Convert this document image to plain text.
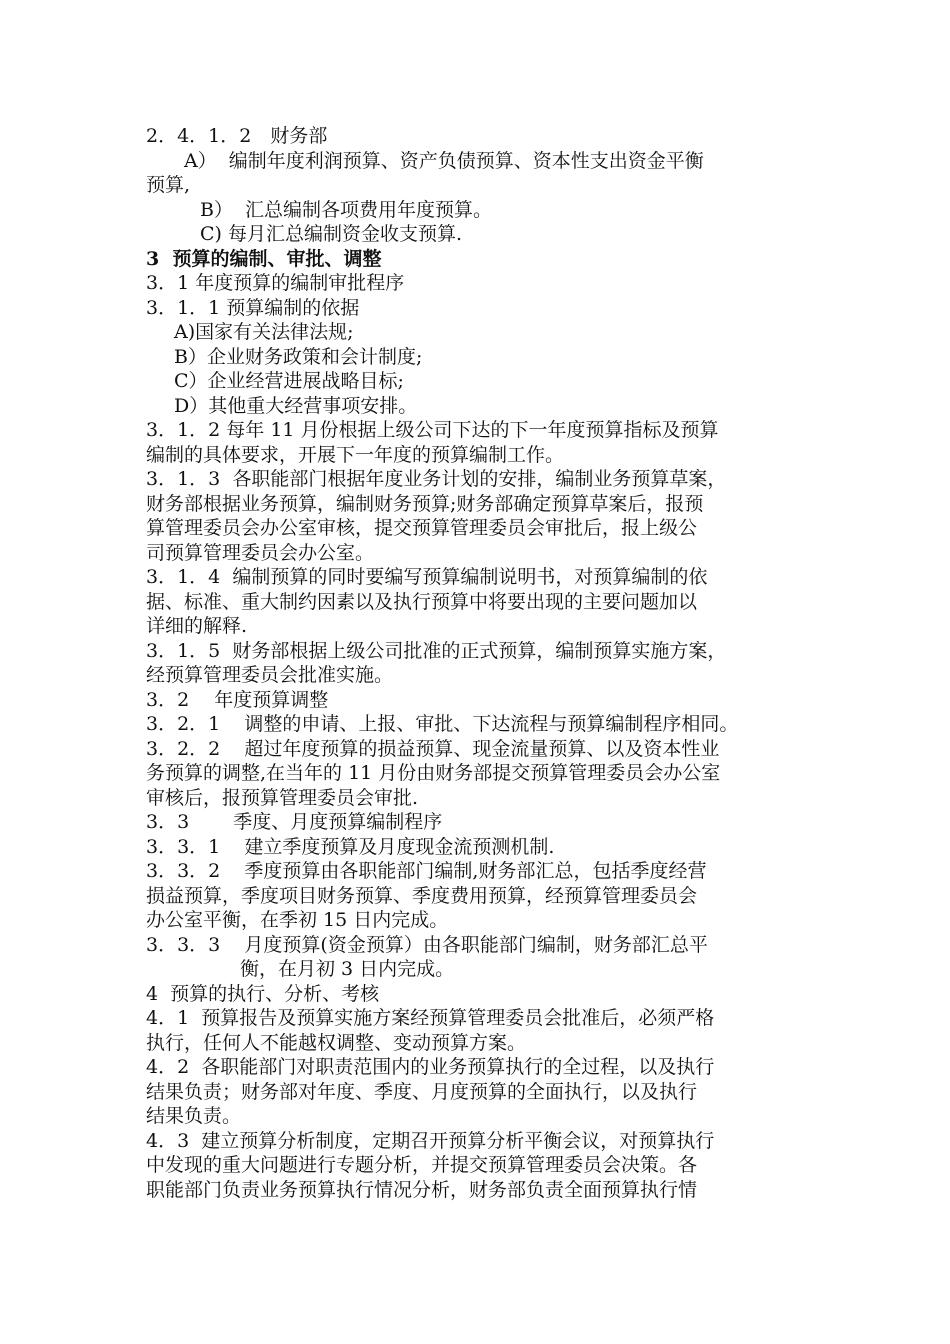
2．4．1．2　财务部
A）  编制年度利润预算、资产负债预算、资本性支出资金平衡
预算,
B）  汇总编制各项费用年度预算。
C) 每月汇总编制资金收支预算.
3  预算的编制、审批、调整
3．1 年度预算的编制审批程序
3．1．1 预算编制的依据
A)国家有关法律法规;
B）企业财务政策和会计制度;
C）企业经营进展战略目标;
D）其他重大经营事项安排。
3．1．2 每年 11 月份根据上级公司下达的下一年度预算指标及预算
编制的具体要求，开展下一年度的预算编制工作。
3．1．3  各职能部门根据年度业务计划的安排，编制业务预算草案，
财务部根据业务预算，编制财务预算;财务部确定预算草案后，报预
算管理委员会办公室审核，提交预算管理委员会审批后，报上级公
司预算管理委员会办公室。
3．1．4  编制预算的同时要编写预算编制说明书，对预算编制的依
据、标准、重大制约因素以及执行预算中将要出现的主要问题加以
详细的解释.
3．1．5  财务部根据上级公司批准的正式预算，编制预算实施方案，
经预算管理委员会批准实施。
3．2　 年度预算调整
3．2．1    调整的申请、上报、审批、下达流程与预算编制程序相同。
3．2．2    超过年度预算的损益预算、现金流量预算、以及资本性业
务预算的调整,在当年的 11 月份由财务部提交预算管理委员会办公室
审核后，报预算管理委员会审批.
3．3　　 季度、月度预算编制程序
3．3．1    建立季度预算及月度现金流预测机制.
3．3．2    季度预算由各职能部门编制,财务部汇总，包括季度经营
损益预算，季度项目财务预算、季度费用预算，经预算管理委员会
办公室平衡，在季初 15 日内完成。
3．3．3    月度预算(资金预算）由各职能部门编制，财务部汇总平
衡，在月初 3 日内完成。
4  预算的执行、分析、考核
4．1  预算报告及预算实施方案经预算管理委员会批准后，必须严格
执行，任何人不能越权调整、变动预算方案。
4．2  各职能部门对职责范围内的业务预算执行的全过程，以及执行
结果负责；财务部对年度、季度、月度预算的全面执行，以及执行
结果负责。
4．3  建立预算分析制度，定期召开预算分析平衡会议，对预算执行
中发现的重大问题进行专题分析，并提交预算管理委员会决策。各
职能部门负责业务预算执行情况分析，财务部负责全面预算执行情
